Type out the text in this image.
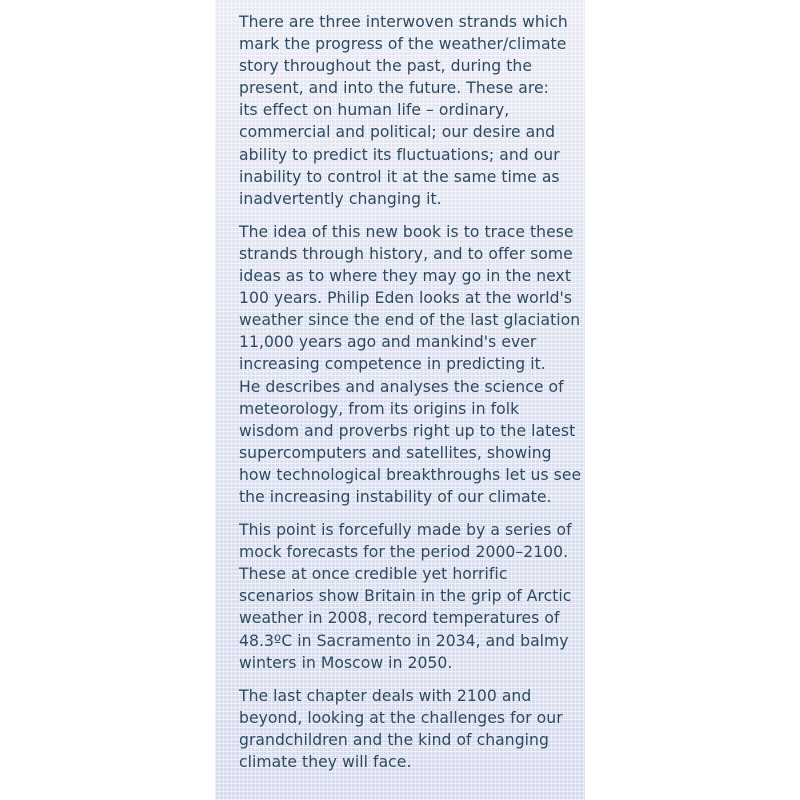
There are three interwoven strands which
mark the progress of the weather/climate
story throughout the past, during the
present, and into the future. These are:
its effect on human life – ordinary,
commercial and political; our desire and
ability to predict its fluctuations; and our
inability to control it at the same time as
inadvertently changing it.

The idea of this new book is to trace these
strands through history, and to offer some
ideas as to where they may go in the next
100 years. Philip Eden looks at the world's
weather since the end of the last glaciation
11,000 years ago and mankind's ever
increasing competence in predicting it.
He describes and analyses the science of
meteorology, from its origins in folk
wisdom and proverbs right up to the latest
supercomputers and satellites, showing
how technological breakthroughs let us see
the increasing instability of our climate.

This point is forcefully made by a series of
mock forecasts for the period 2000–2100.
These at once credible yet horrific
scenarios show Britain in the grip of Arctic
weather in 2008, record temperatures of
48.3ºC in Sacramento in 2034, and balmy
winters in Moscow in 2050.

The last chapter deals with 2100 and
beyond, looking at the challenges for our
grandchildren and the kind of changing
climate they will face.
